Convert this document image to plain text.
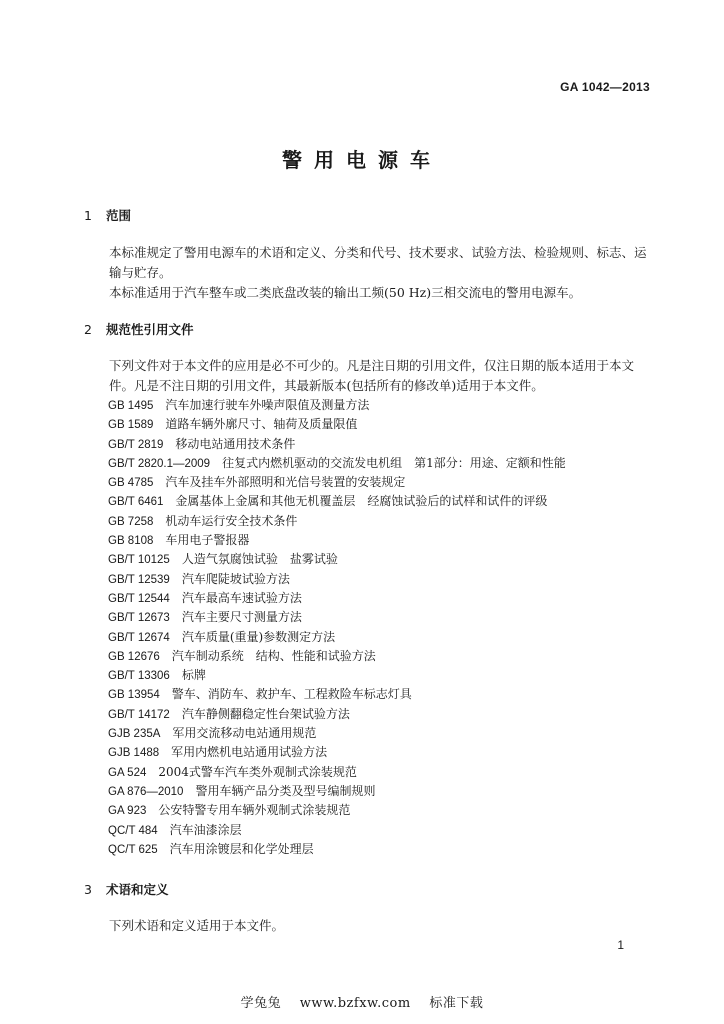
GA 1042—2013
警用电源车
1 范围

本标准规定了警用电源车的术语和定义、分类和代号、技术要求、试验方法、检验规则、标志、运输与贮存。

本标准适用于汽车整车或二类底盘改装的输出工频(50 Hz)三相交流电的警用电源车。

2 规范性引用文件

下列文件对于本文件的应用是必不可少的。凡是注日期的引用文件，仅注日期的版本适用于本文件。凡是不注日期的引用文件，其最新版本(包括所有的修改单)适用于本文件。

GB 1495 汽车加速行驶车外噪声限值及测量方法
GB 1589 道路车辆外廓尺寸、轴荷及质量限值
GB/T 2819 移动电站通用技术条件
GB/T 2820.1—2009 往复式内燃机驱动的交流发电机组　第1部分：用途、定额和性能
GB 4785 汽车及挂车外部照明和光信号装置的安装规定
GB/T 6461 金属基体上金属和其他无机覆盖层　经腐蚀试验后的试样和试件的评级
GB 7258 机动车运行安全技术条件
GB 8108 车用电子警报器
GB/T 10125 人造气氛腐蚀试验　盐雾试验
GB/T 12539 汽车爬陡坡试验方法
GB/T 12544 汽车最高车速试验方法
GB/T 12673 汽车主要尺寸测量方法
GB/T 12674 汽车质量(重量)参数测定方法
GB 12676 汽车制动系统　结构、性能和试验方法
GB/T 13306 标牌
GB 13954 警车、消防车、救护车、工程救险车标志灯具
GB/T 14172 汽车静侧翻稳定性台架试验方法
GJB 235A 军用交流移动电站通用规范
GJB 1488 军用内燃机电站通用试验方法
GA 524 2004式警车汽车类外观制式涂装规范
GA 876—2010 警用车辆产品分类及型号编制规则
GA 923 公安特警专用车辆外观制式涂装规范
QC/T 484 汽车油漆涂层
QC/T 625 汽车用涂镀层和化学处理层
3 术语和定义

下列术语和定义适用于本文件。

1
学兔兔 www.bzfxw.com 标准下载
